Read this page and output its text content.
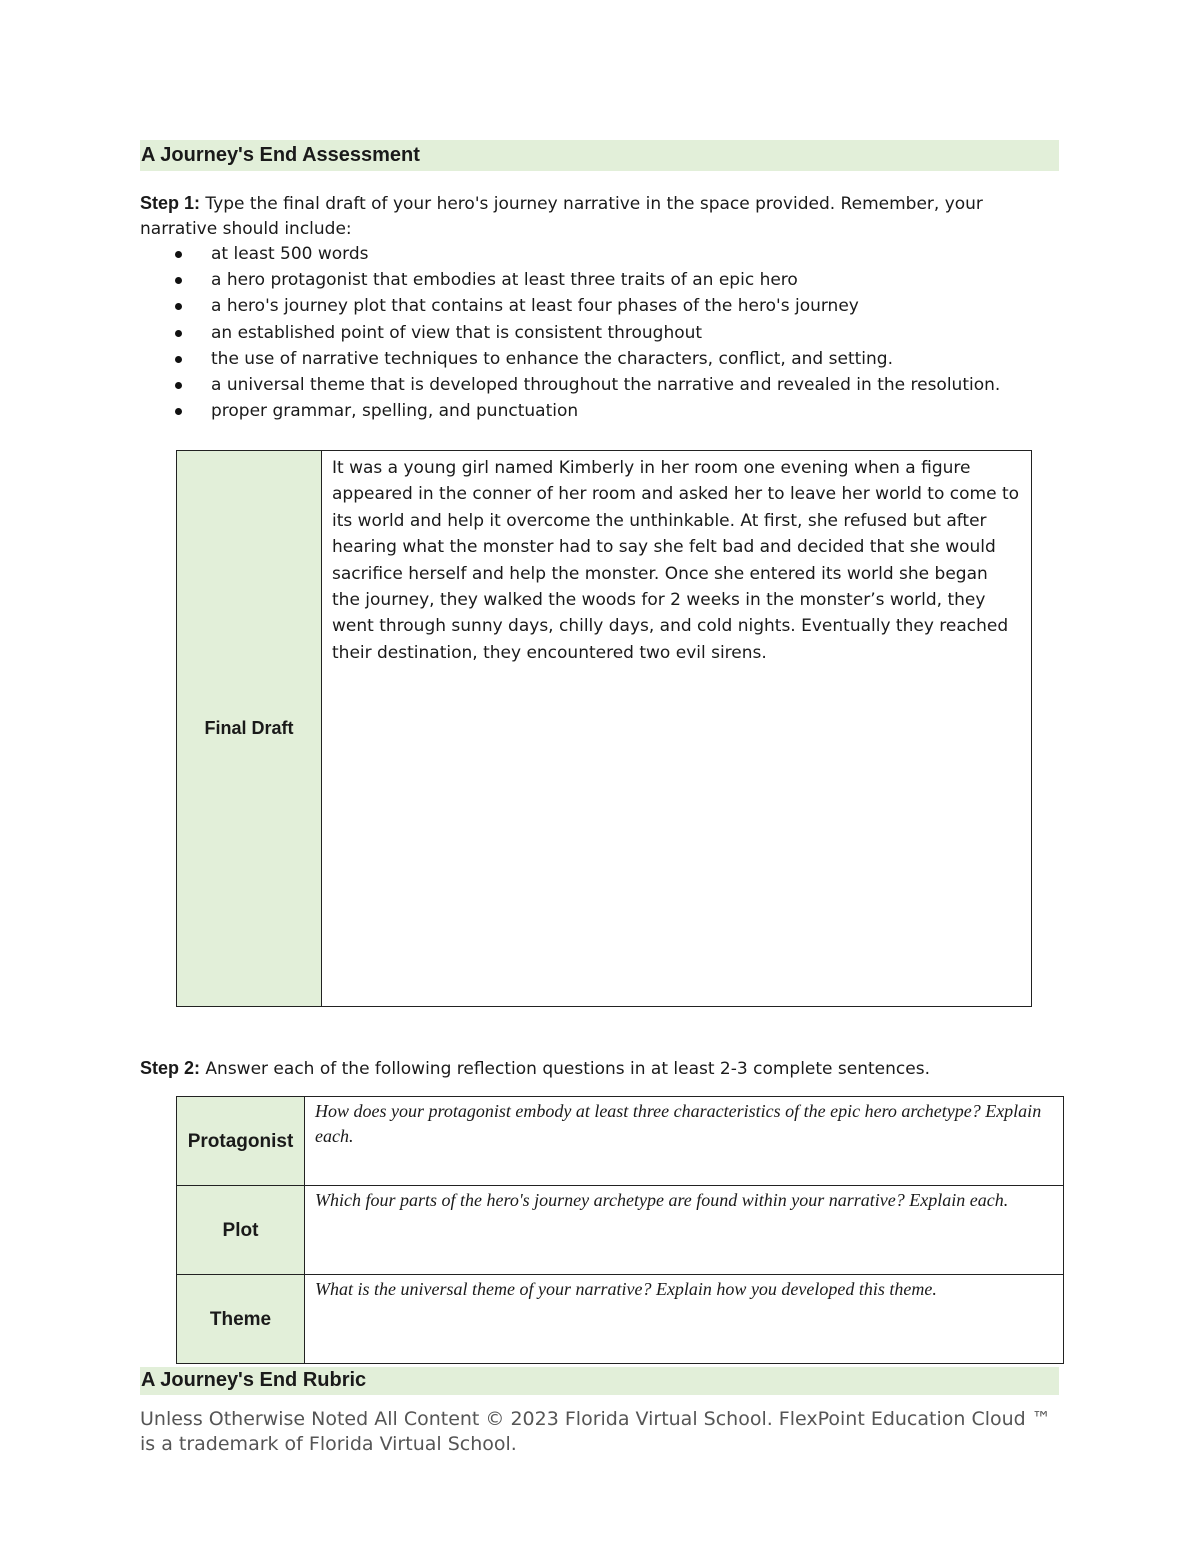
A Journey's End Assessment
Step 1: Type the final draft of your hero's journey narrative in the space provided. Remember, your narrative should include:
at least 500 words
a hero protagonist that embodies at least three traits of an epic hero
a hero's journey plot that contains at least four phases of the hero's journey
an established point of view that is consistent throughout
the use of narrative techniques to enhance the characters, conflict, and setting.
a universal theme that is developed throughout the narrative and revealed in the resolution.
proper grammar, spelling, and punctuation
Final Draft	It was a young girl named Kimberly in her room one evening when a figure appeared in the conner of her room and asked her to leave her world to come to its world and help it overcome the unthinkable. At first, she refused but after hearing what the monster had to say she felt bad and decided that she would sacrifice herself and help the monster. Once she entered its world she began the journey, they walked the woods for 2 weeks in the monster’s world, they went through sunny days, chilly days, and cold nights. Eventually they reached their destination, they encountered two evil sirens.
Step 2: Answer each of the following reflection questions in at least 2-3 complete sentences.
Protagonist	How does your protagonist embody at least three characteristics of the epic hero archetype? Explain each.
Plot	Which four parts of the hero's journey archetype are found within your narrative? Explain each.
Theme	What is the universal theme of your narrative? Explain how you developed this theme.
A Journey's End Rubric
Unless Otherwise Noted All Content © 2023 Florida Virtual School. FlexPoint Education Cloud ™ is a trademark of Florida Virtual School.
